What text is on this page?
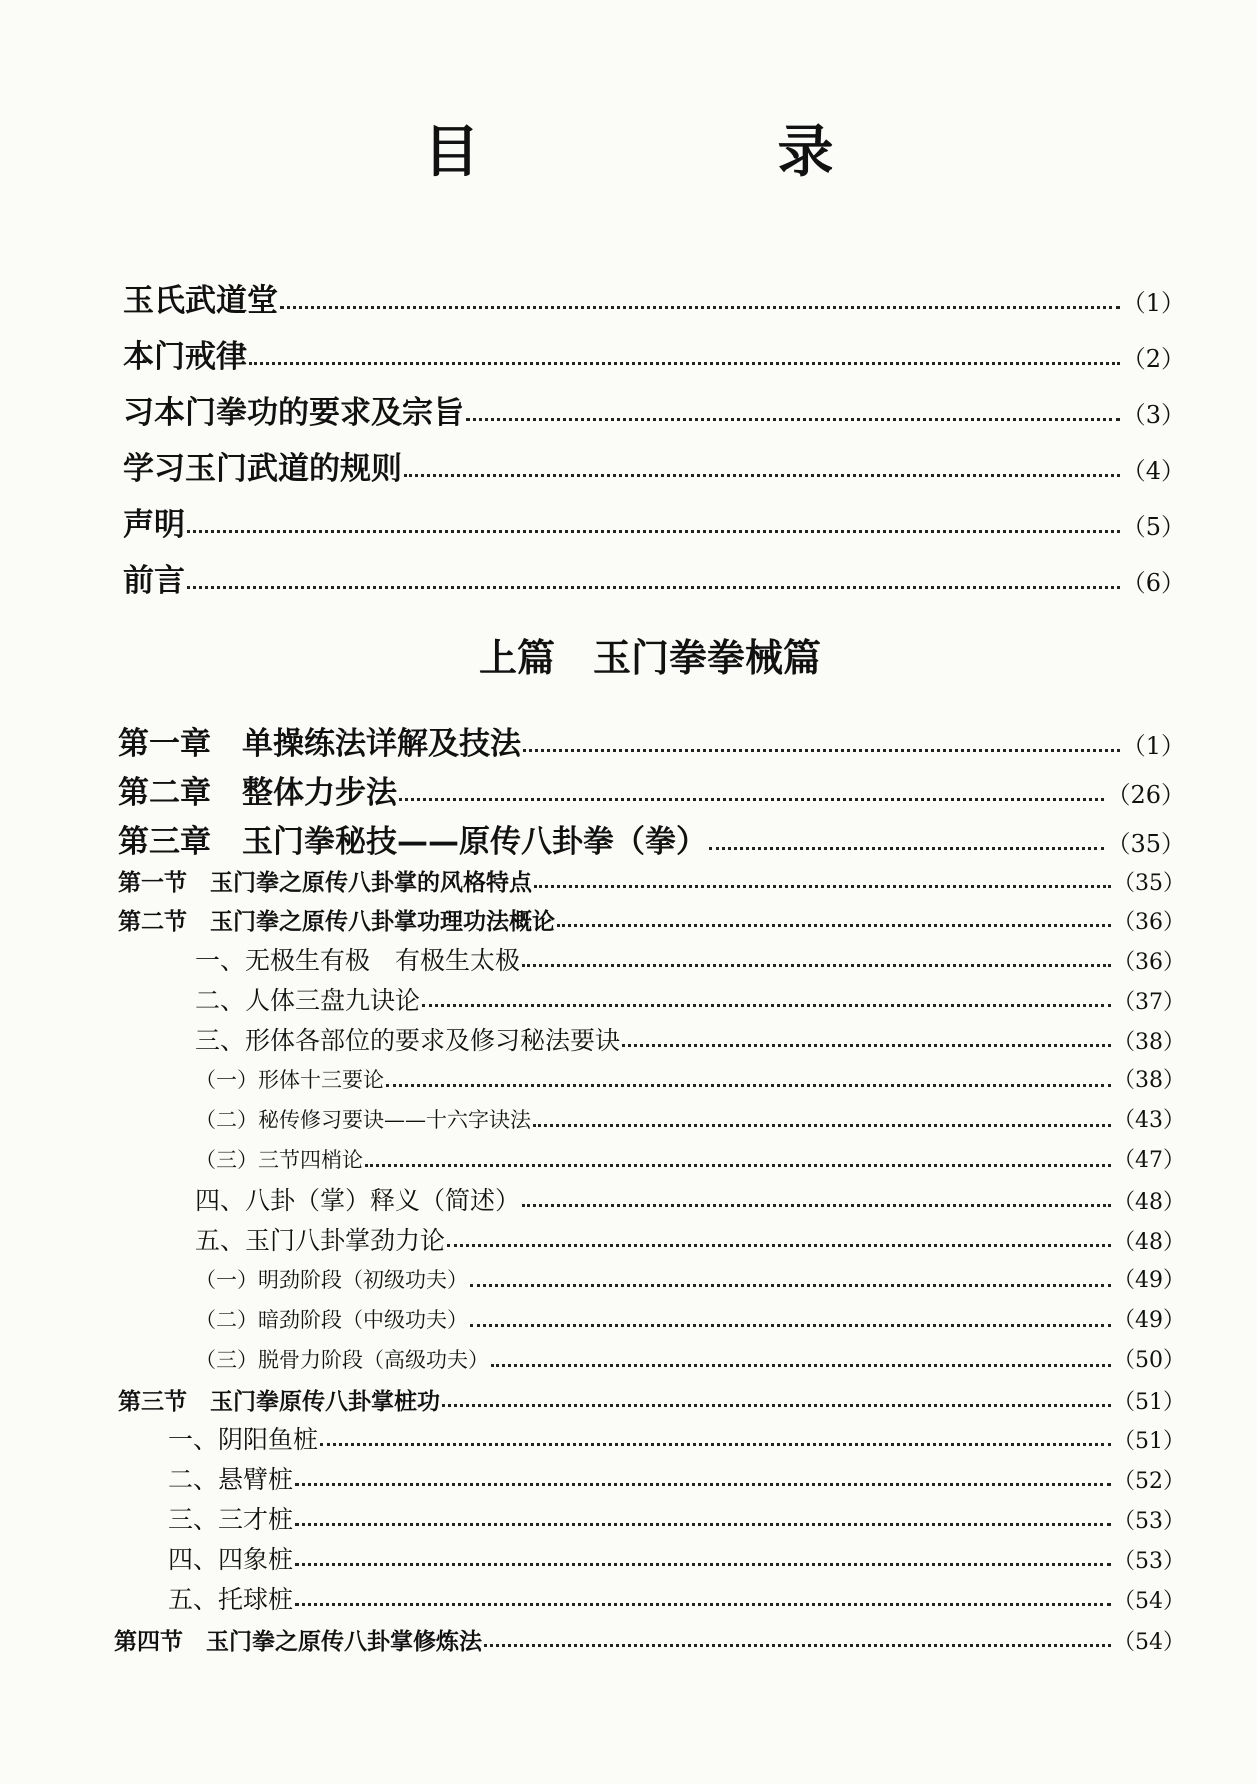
目　　录
玉氏武道堂	（1）
本门戒律	（2）
习本门拳功的要求及宗旨	（3）
学习玉门武道的规则	（4）
声明	（5）
前言	（6）
上篇　玉门拳拳械篇
第一章　单操练法详解及技法	（1）
第二章　整体力步法	（26）
第三章　玉门拳秘技——原传八卦拳（拳）	（35）
第一节　玉门拳之原传八卦掌的风格特点	（35）
第二节　玉门拳之原传八卦掌功理功法概论	（36）
一、无极生有极　有极生太极	（36）
二、人体三盘九诀论	（37）
三、形体各部位的要求及修习秘法要诀	（38）
（一）形体十三要论	（38）
（二）秘传修习要诀——十六字诀法	（43）
（三）三节四梢论	（47）
四、八卦（掌）释义（简述）	（48）
五、玉门八卦掌劲力论	（48）
（一）明劲阶段（初级功夫）	（49）
（二）暗劲阶段（中级功夫）	（49）
（三）脱骨力阶段（高级功夫）	（50）
第三节　玉门拳原传八卦掌桩功	（51）
一、阴阳鱼桩	（51）
二、悬臂桩	（52）
三、三才桩	（53）
四、四象桩	（53）
五、托球桩	（54）
第四节　玉门拳之原传八卦掌修炼法	（54）
